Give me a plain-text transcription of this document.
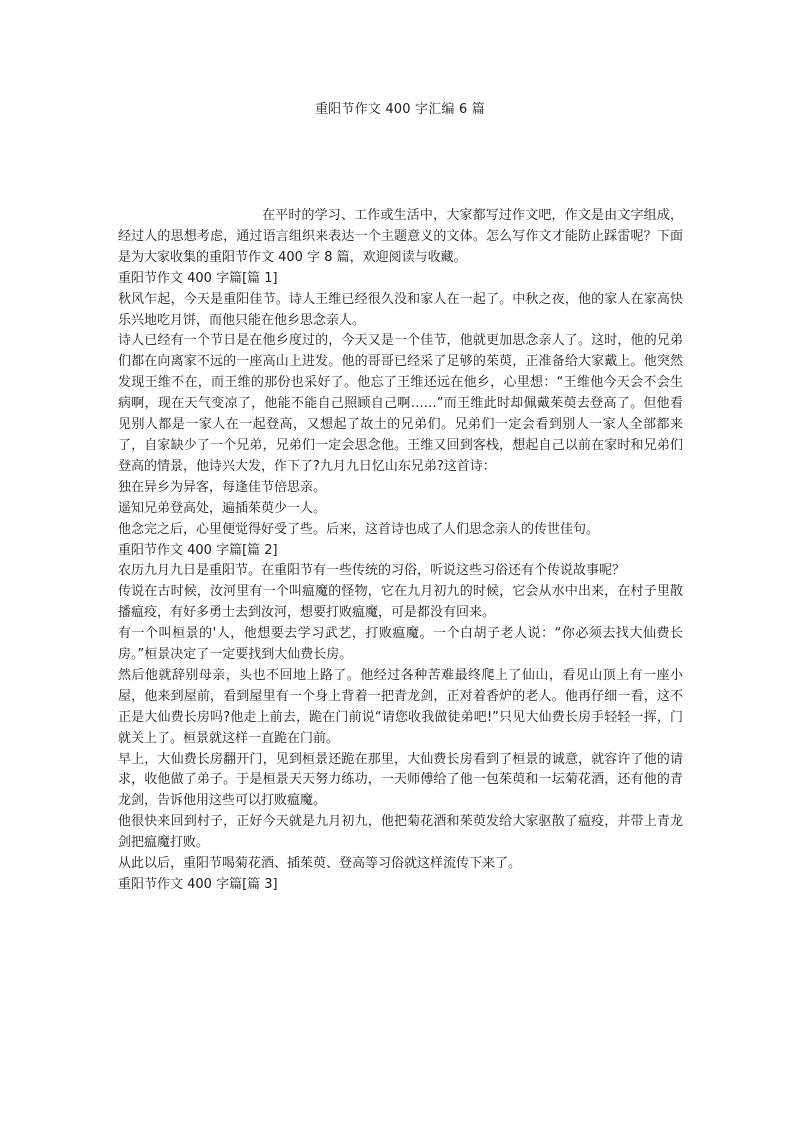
重阳节作文 400 字汇编 6 篇

在平时的学习、工作或生活中，大家都写过作文吧，作文是由文字组成，经过人的思想考虑，通过语言组织来表达一个主题意义的文体。怎么写作文才能防止踩雷呢？下面是为大家收集的重阳节作文 400 字 8 篇，欢迎阅读与收藏。

重阳节作文 400 字篇[篇 1]

秋风乍起，今天是重阳佳节。诗人王维已经很久没和家人在一起了。中秋之夜，他的家人在家高快乐兴地吃月饼，而他只能在他乡思念亲人。

诗人已经有一个节日是在他乡度过的，今天又是一个佳节，他就更加思念亲人了。这时，他的兄弟们都在向离家不远的一座高山上进发。他的哥哥已经采了足够的茱萸，正准备给大家戴上。他突然发现王维不在，而王维的那份也采好了。他忘了王维还远在他乡，心里想：“王维他今天会不会生病啊，现在天气变凉了，他能不能自己照顾自己啊……”而王维此时却佩戴茱萸去登高了。但他看见别人都是一家人在一起登高，又想起了故土的兄弟们。兄弟们一定会看到别人一家人全部都来了，自家缺少了一个兄弟，兄弟们一定会思念他。王维又回到客栈，想起自己以前在家时和兄弟们登高的情景，他诗兴大发，作下了?九月九日忆山东兄弟?这首诗：

独在异乡为异客，每逢佳节倍思亲。

遥知兄弟登高处，遍插茱萸少一人。

他念完之后，心里便觉得好受了些。后来，这首诗也成了人们思念亲人的传世佳句。

重阳节作文 400 字篇[篇 2]

农历九月九日是重阳节。在重阳节有一些传统的习俗，听说这些习俗还有个传说故事呢？

传说在古时候，汝河里有一个叫瘟魔的怪物，它在九月初九的时候，它会从水中出来，在村子里散播瘟疫，有好多勇士去到汝河，想要打败瘟魔，可是都没有回来。

有一个叫桓景的'人，他想要去学习武艺，打败瘟魔。一个白胡子老人说：“你必须去找大仙费长房。”桓景决定了一定要找到大仙费长房。

然后他就辞别母亲，头也不回地上路了。他经过各种苦难最终爬上了仙山，看见山顶上有一座小屋，他来到屋前，看到屋里有一个身上背着一把青龙剑，正对着香炉的老人。他再仔细一看，这不正是大仙费长房吗?他走上前去，跪在门前说“请您收我做徒弟吧!”只见大仙费长房手轻轻一挥，门就关上了。桓景就这样一直跪在门前。

早上，大仙费长房翻开门，见到桓景还跪在那里，大仙费长房看到了桓景的诚意，就容许了他的请求，收他做了弟子。于是桓景天天努力练功，一天师傅给了他一包茱萸和一坛菊花酒，还有他的青龙剑，告诉他用这些可以打败瘟魔。

他很快来回到村子，正好今天就是九月初九，他把菊花酒和茱萸发给大家驱散了瘟疫，并带上青龙剑把瘟魔打败。

从此以后，重阳节喝菊花酒、插茱萸、登高等习俗就这样流传下来了。

重阳节作文 400 字篇[篇 3]
